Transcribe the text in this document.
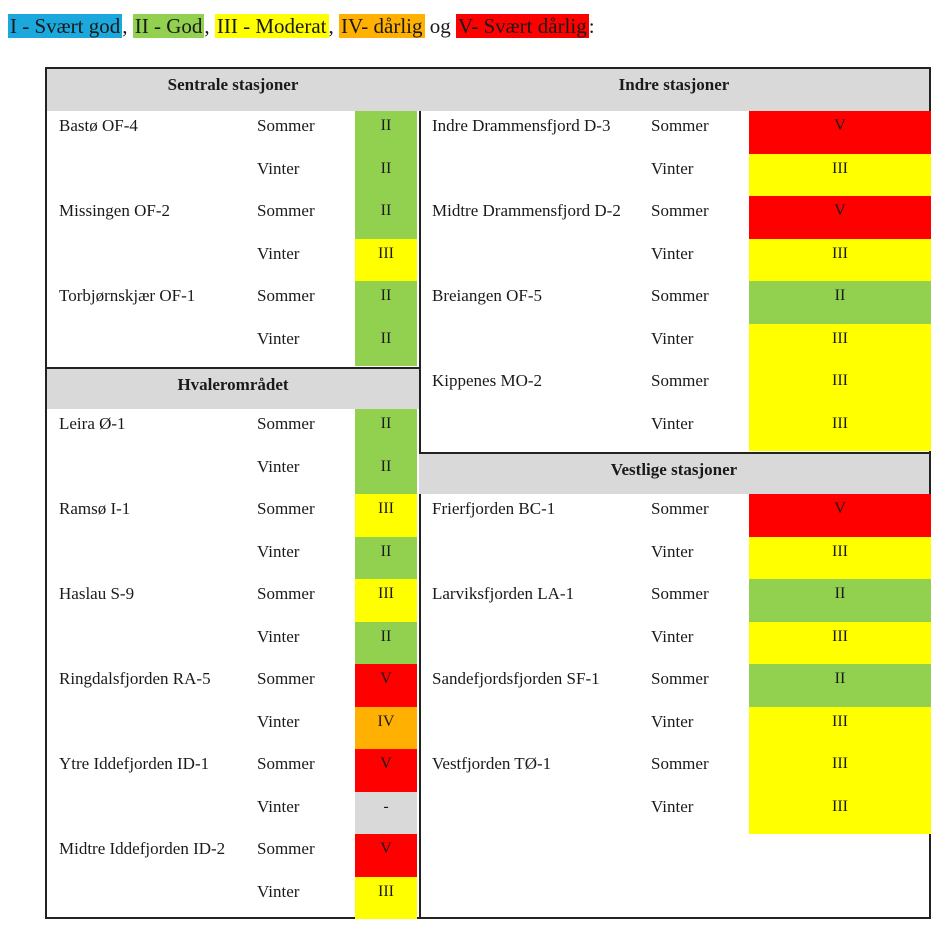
I - Svært god, II - God, III - Moderat, IV- dårlig og V- Svært dårlig:
Sentrale stasjoner
Bastø OF-4	Sommer	II
Vinter	II
Missingen OF-2	Sommer	II
Vinter	III
Torbjørnskjær OF-1	Sommer	II
Vinter	II
Hvalerområdet
Leira Ø-1	Sommer	II
Vinter	II
Ramsø I-1	Sommer	III
Vinter	II
Haslau S-9	Sommer	III
Vinter	II
Ringdalsfjorden RA-5	Sommer	V
Vinter	IV
Ytre Iddefjorden ID-1	Sommer	V
Vinter	-
Midtre Iddefjorden ID-2	Sommer	V
Vinter	III
Indre stasjoner
Indre Drammensfjord D-3	Sommer	V
Vinter	III
Midtre Drammensfjord D-2	Sommer	V
Vinter	III
Breiangen OF-5	Sommer	II
Vinter	III
Kippenes MO-2	Sommer	III
Vinter	III
Vestlige stasjoner
Frierfjorden BC-1	Sommer	V
Vinter	III
Larviksfjorden LA-1	Sommer	II
Vinter	III
Sandefjordsfjorden SF-1	Sommer	II
Vinter	III
Vestfjorden TØ-1	Sommer	III
Vinter	III
